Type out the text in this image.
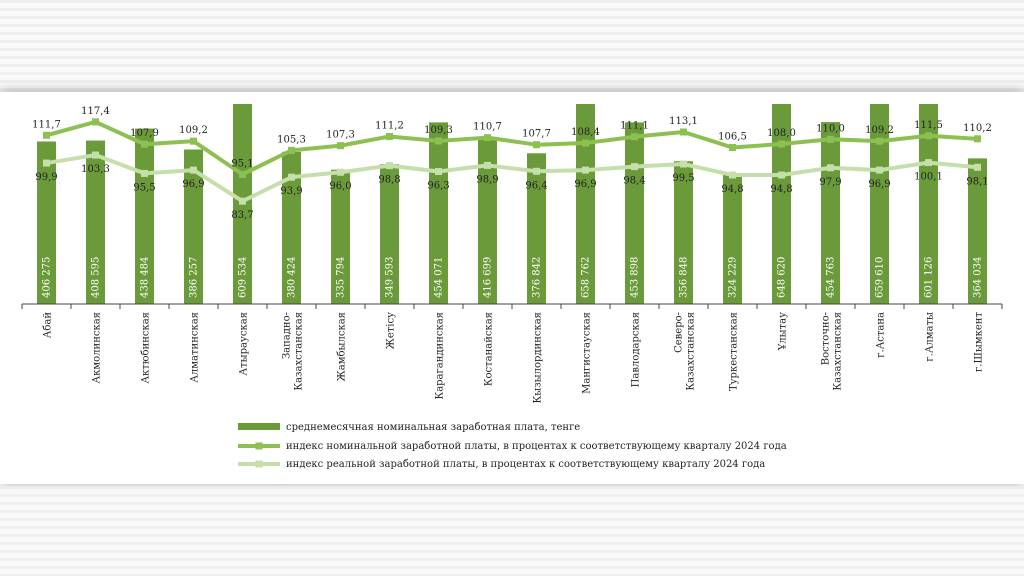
406 275	408 595	438 484	386 257	609 534	380 424	335 794	349 593	454 071	416 699	376 842	658 762	453 898	356 848	324 229	648 620	454 763	659 610	601 126	364 034
111,7
117,4
107,9 109,2
95,1
105,3 107,3
111,2 109,3 110,7
107,7 108,4
111,1 113,1
106,5 108,0 110,0 109,2 111,5 110,2
99,9
103,3
95,5	96,9
83,7
93,9	96,0
98,8
96,3
98,9
96,4	96,9	98,4	99,5
94,8	94,8
97,9	96,9
100,1 98,1
Абай	Акмолинская	Актюбинская	Алматинская	Атырауская	Западно-Казахстанская	Жамбылская	Жетісу	Карагандинская	Костанайская	Кызылординская	Мангистауская	Павлодарская	Северо-Казахстанская	Туркестанская	Ұлытау	Восточно-Казахстанская	г.Астана	г.Алматы	г.Шымкент
среднемесячная номинальная заработная плата, тенге
индекс номинальной заработной платы, в процентах к соответствующему кварталу 2024 года
индекс реальной заработной платы, в процентах к соответствующему кварталу 2024 года
